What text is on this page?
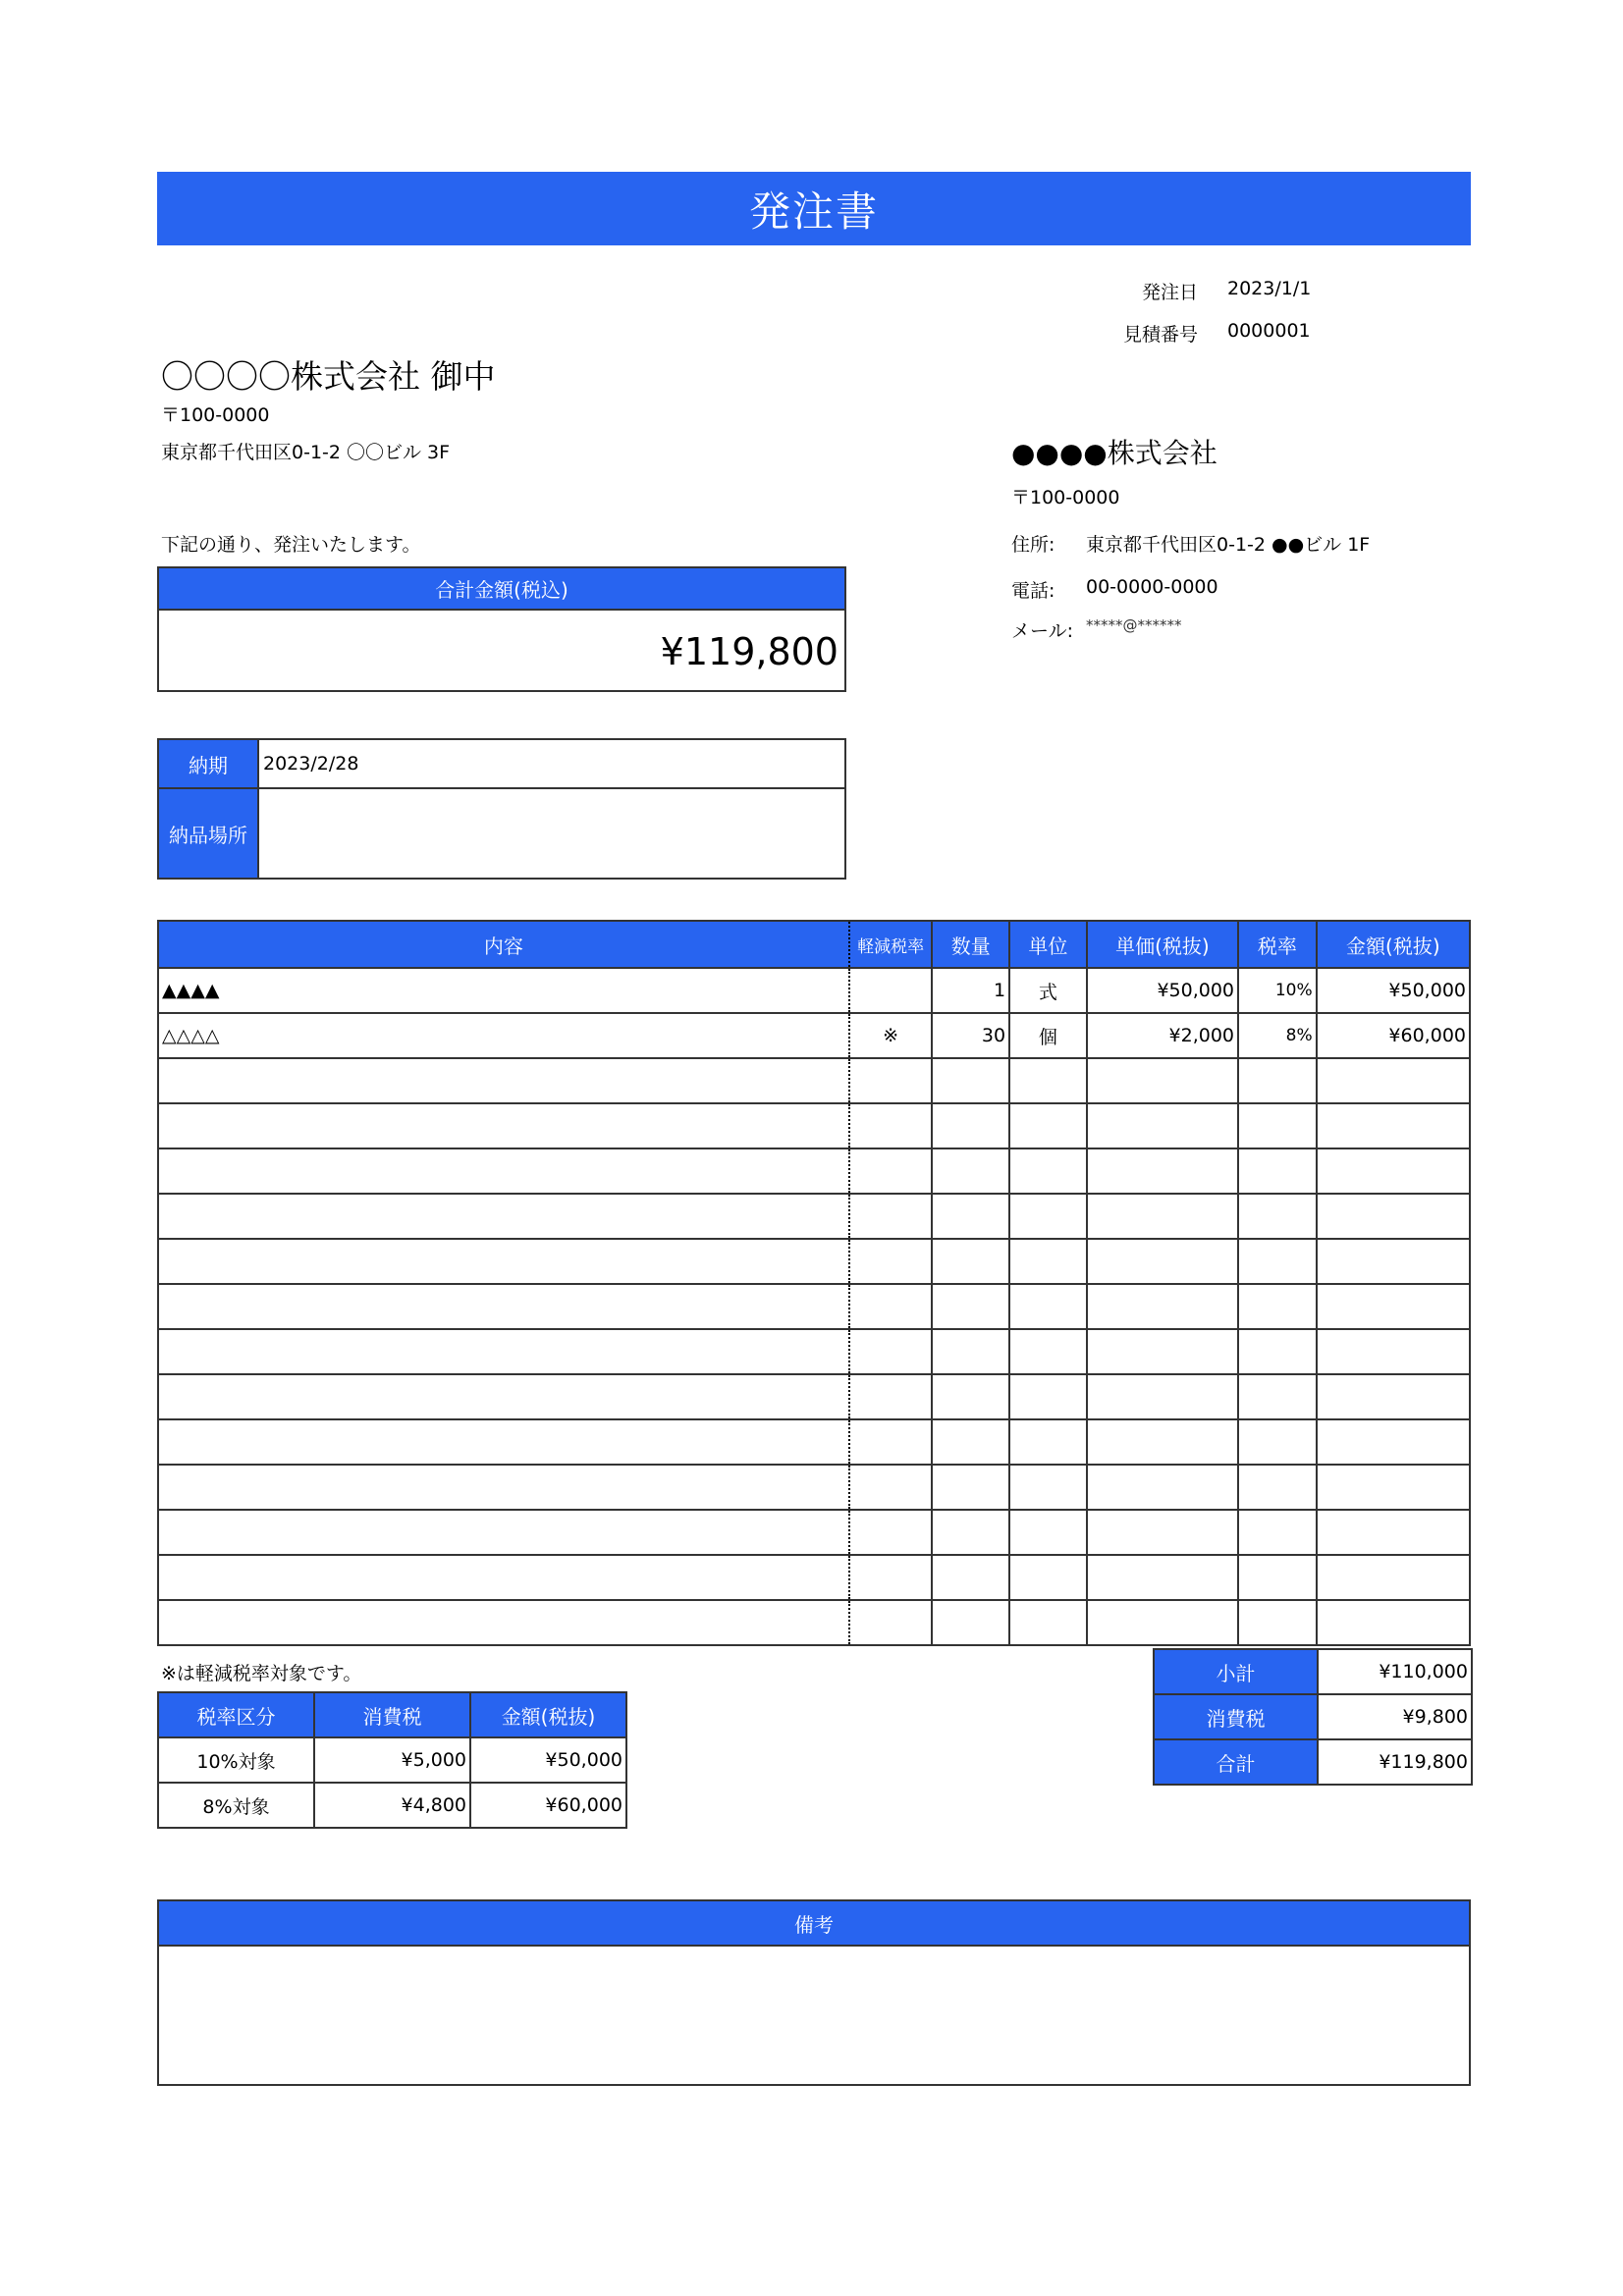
発注書
発注日 2023/1/1
見積番号 0000001
〇〇〇〇株式会社 御中
〒100-0000
東京都千代田区0-1-2 〇〇ビル 3F	●●●●株式会社
〒100-0000
住所: 東京都千代田区0-1-2 ●●ビル 1F
電話: 00-0000-0000
メール: *****@******
下記の通り、発注いたします。
合計金額(税込)
¥119,800
納期	2023/2/28
納品場所
内容	軽減税率	数量	単位	単価(税抜)	税率	金額(税抜)
▲▲▲▲		1	式	¥50,000	10%	¥50,000
△△△△	※	30	個	¥2,000	8%	¥60,000

※は軽減税率対象です。
税率区分	消費税	金額(税抜)
10%対象	¥5,000	¥50,000
8%対象	¥4,800	¥60,000
小計	¥110,000
消費税	¥9,800
合計	¥119,800
備考
